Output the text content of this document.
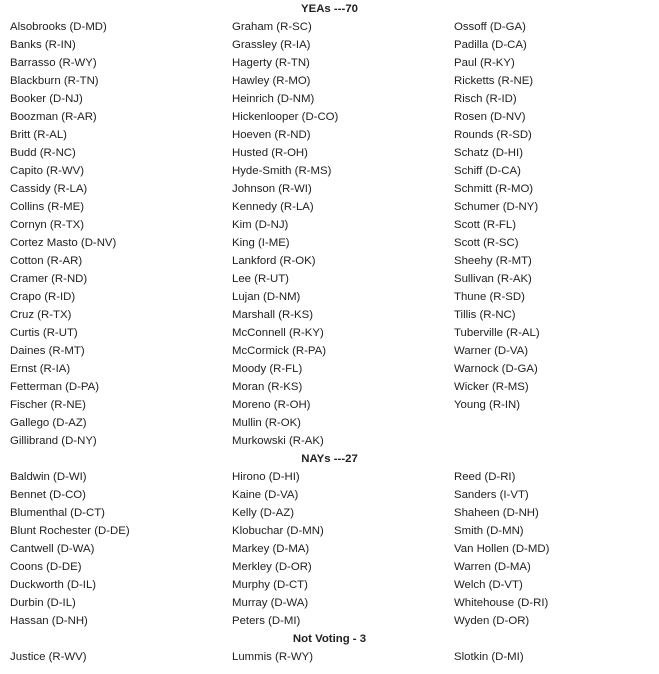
YEAs ---70		
Alsobrooks (D-MD)	Graham (R-SC)	Ossoff (D-GA)
Banks (R-IN)	Grassley (R-IA)	Padilla (D-CA)
Barrasso (R-WY)	Hagerty (R-TN)	Paul (R-KY)
Blackburn (R-TN)	Hawley (R-MO)	Ricketts (R-NE)
Booker (D-NJ)	Heinrich (D-NM)	Risch (R-ID)
Boozman (R-AR)	Hickenlooper (D-CO)	Rosen (D-NV)
Britt (R-AL)	Hoeven (R-ND)	Rounds (R-SD)
Budd (R-NC)	Husted (R-OH)	Schatz (D-HI)
Capito (R-WV)	Hyde-Smith (R-MS)	Schiff (D-CA)
Cassidy (R-LA)	Johnson (R-WI)	Schmitt (R-MO)
Collins (R-ME)	Kennedy (R-LA)	Schumer (D-NY)
Cornyn (R-TX)	Kim (D-NJ)	Scott (R-FL)
Cortez Masto (D-NV)	King (I-ME)	Scott (R-SC)
Cotton (R-AR)	Lankford (R-OK)	Sheehy (R-MT)
Cramer (R-ND)	Lee (R-UT)	Sullivan (R-AK)
Crapo (R-ID)	Lujan (D-NM)	Thune (R-SD)
Cruz (R-TX)	Marshall (R-KS)	Tillis (R-NC)
Curtis (R-UT)	McConnell (R-KY)	Tuberville (R-AL)
Daines (R-MT)	McCormick (R-PA)	Warner (D-VA)
Ernst (R-IA)	Moody (R-FL)	Warnock (D-GA)
Fetterman (D-PA)	Moran (R-KS)	Wicker (R-MS)
Fischer (R-NE)	Moreno (R-OH)	Young (R-IN)
Gallego (D-AZ)	Mullin (R-OK)	
Gillibrand (D-NY)	Murkowski (R-AK)	
NAYs ---27		
Baldwin (D-WI)	Hirono (D-HI)	Reed (D-RI)
Bennet (D-CO)	Kaine (D-VA)	Sanders (I-VT)
Blumenthal (D-CT)	Kelly (D-AZ)	Shaheen (D-NH)
Blunt Rochester (D-DE)	Klobuchar (D-MN)	Smith (D-MN)
Cantwell (D-WA)	Markey (D-MA)	Van Hollen (D-MD)
Coons (D-DE)	Merkley (D-OR)	Warren (D-MA)
Duckworth (D-IL)	Murphy (D-CT)	Welch (D-VT)
Durbin (D-IL)	Murray (D-WA)	Whitehouse (D-RI)
Hassan (D-NH)	Peters (D-MI)	Wyden (D-OR)
Not Voting - 3		
Justice (R-WV)	Lummis (R-WY)	Slotkin (D-MI)
